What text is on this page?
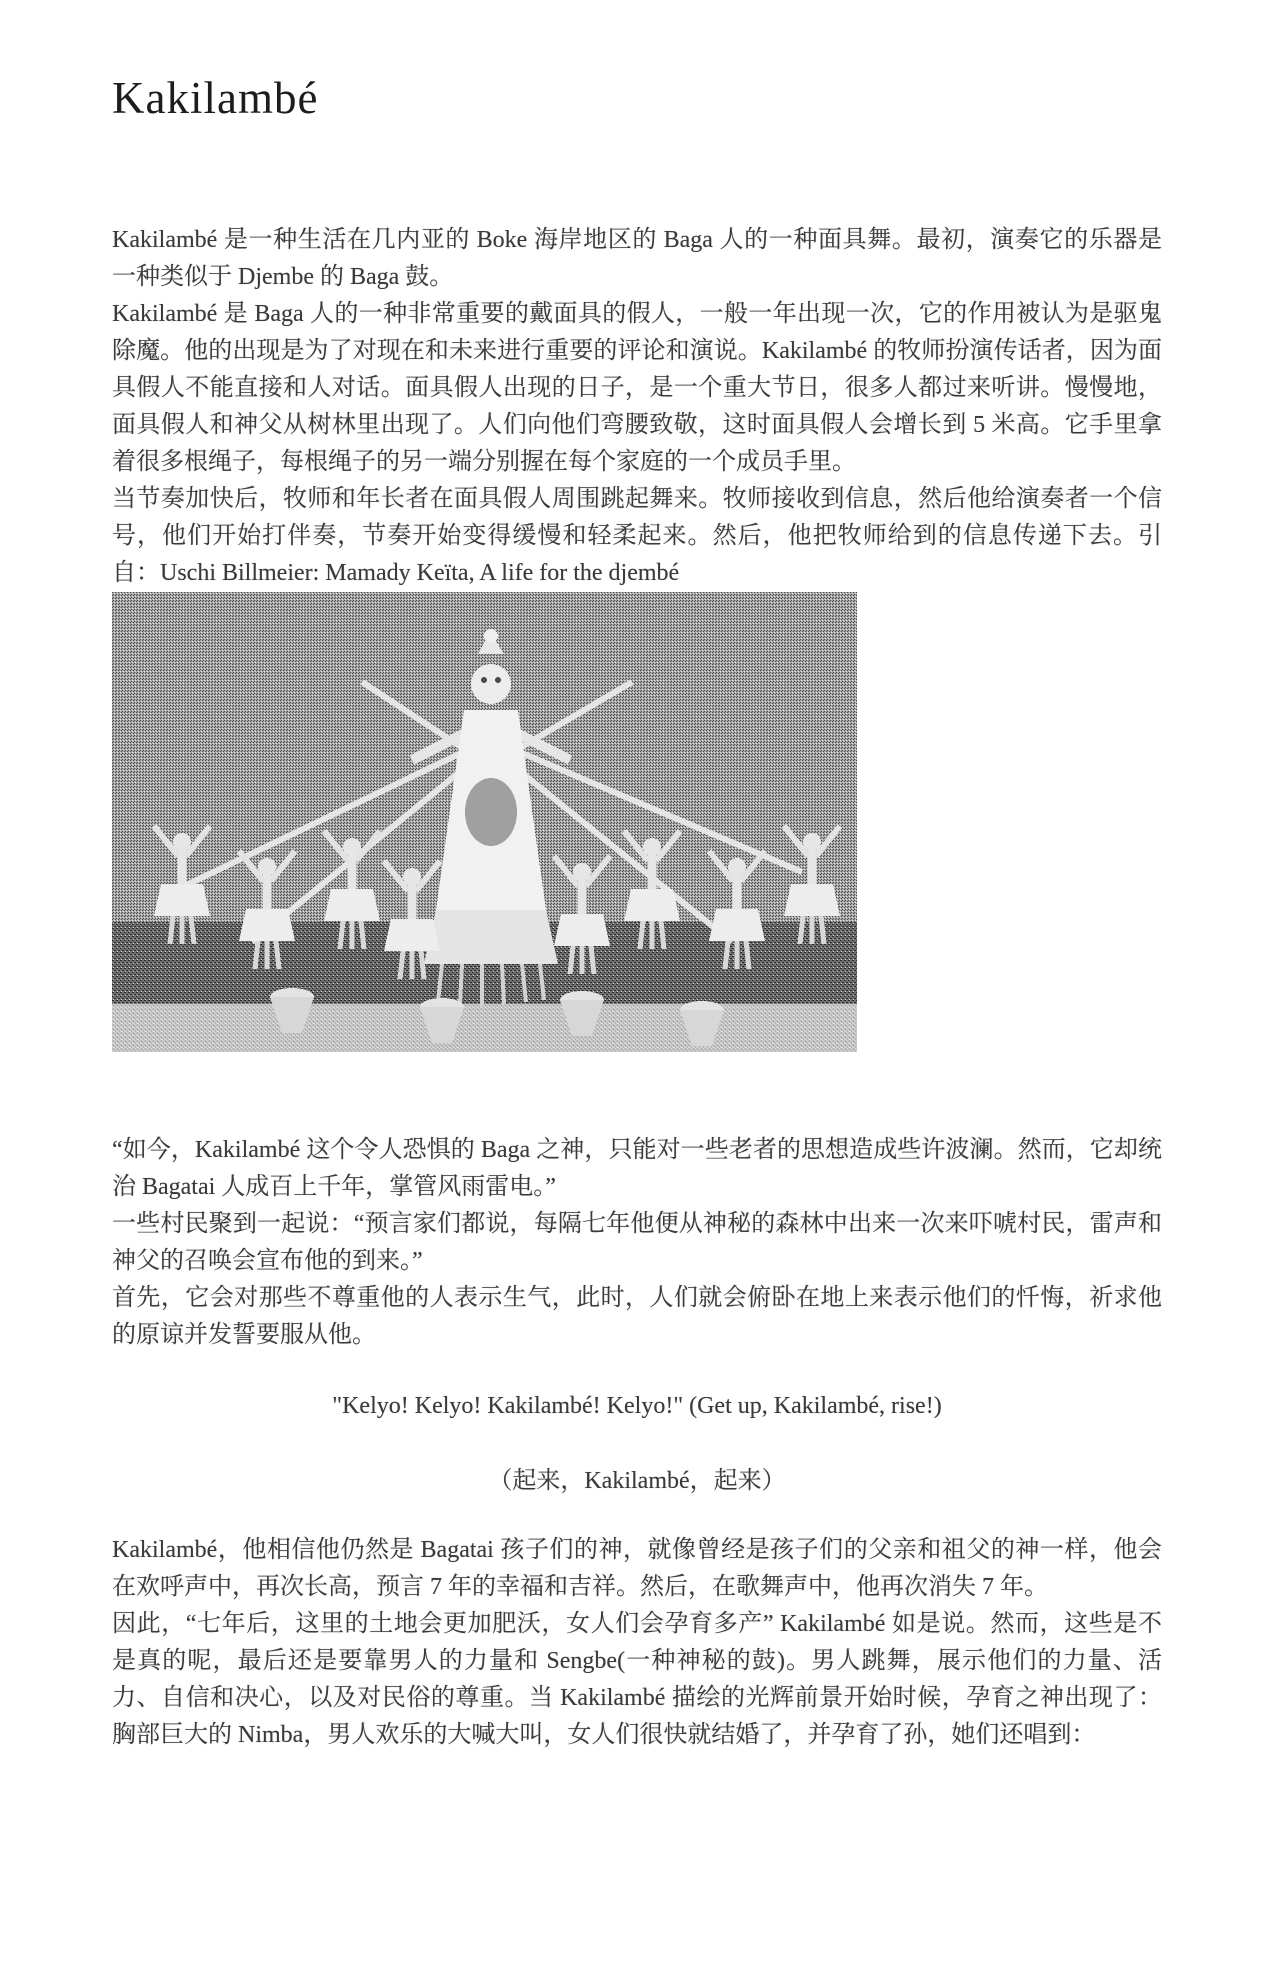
Kakilambé

Kakilambé 是一种生活在几内亚的 Boke 海岸地区的 Baga 人的一种面具舞。最初，演奏它的乐器是一种类似于 Djembe 的 Baga 鼓。

Kakilambé 是 Baga 人的一种非常重要的戴面具的假人，一般一年出现一次，它的作用被认为是驱鬼除魔。他的出现是为了对现在和未来进行重要的评论和演说。Kakilambé 的牧师扮演传话者，因为面具假人不能直接和人对话。面具假人出现的日子，是一个重大节日，很多人都过来听讲。慢慢地，面具假人和神父从树林里出现了。人们向他们弯腰致敬，这时面具假人会增长到 5 米高。它手里拿着很多根绳子，每根绳子的另一端分别握在每个家庭的一个成员手里。

当节奏加快后，牧师和年长者在面具假人周围跳起舞来。牧师接收到信息，然后他给演奏者一个信号，他们开始打伴奏，节奏开始变得缓慢和轻柔起来。然后，他把牧师给到的信息传递下去。引自：Uschi Billmeier: Mamady Keïta, A life for the djembé

“如今，Kakilambé 这个令人恐惧的 Baga 之神，只能对一些老者的思想造成些许波澜。然而，它却统治 Bagatai 人成百上千年，掌管风雨雷电。”

一些村民聚到一起说：“预言家们都说，每隔七年他便从神秘的森林中出来一次来吓唬村民，雷声和神父的召唤会宣布他的到来。”

首先，它会对那些不尊重他的人表示生气，此时，人们就会俯卧在地上来表示他们的忏悔，祈求他的原谅并发誓要服从他。

"Kelyo! Kelyo! Kakilambé! Kelyo!" (Get up, Kakilambé, rise!)

（起来，Kakilambé，起来）

Kakilambé，他相信他仍然是 Bagatai 孩子们的神，就像曾经是孩子们的父亲和祖父的神一样，他会在欢呼声中，再次长高，预言 7 年的幸福和吉祥。然后，在歌舞声中，他再次消失 7 年。

因此，“七年后，这里的土地会更加肥沃，女人们会孕育多产” Kakilambé 如是说。然而，这些是不是真的呢，最后还是要靠男人的力量和 Sengbe(一种神秘的鼓)。男人跳舞，展示他们的力量、活力、自信和决心，以及对民俗的尊重。当 Kakilambé 描绘的光辉前景开始时候，孕育之神出现了：胸部巨大的 Nimba，男人欢乐的大喊大叫，女人们很快就结婚了，并孕育了孙，她们还唱到：
